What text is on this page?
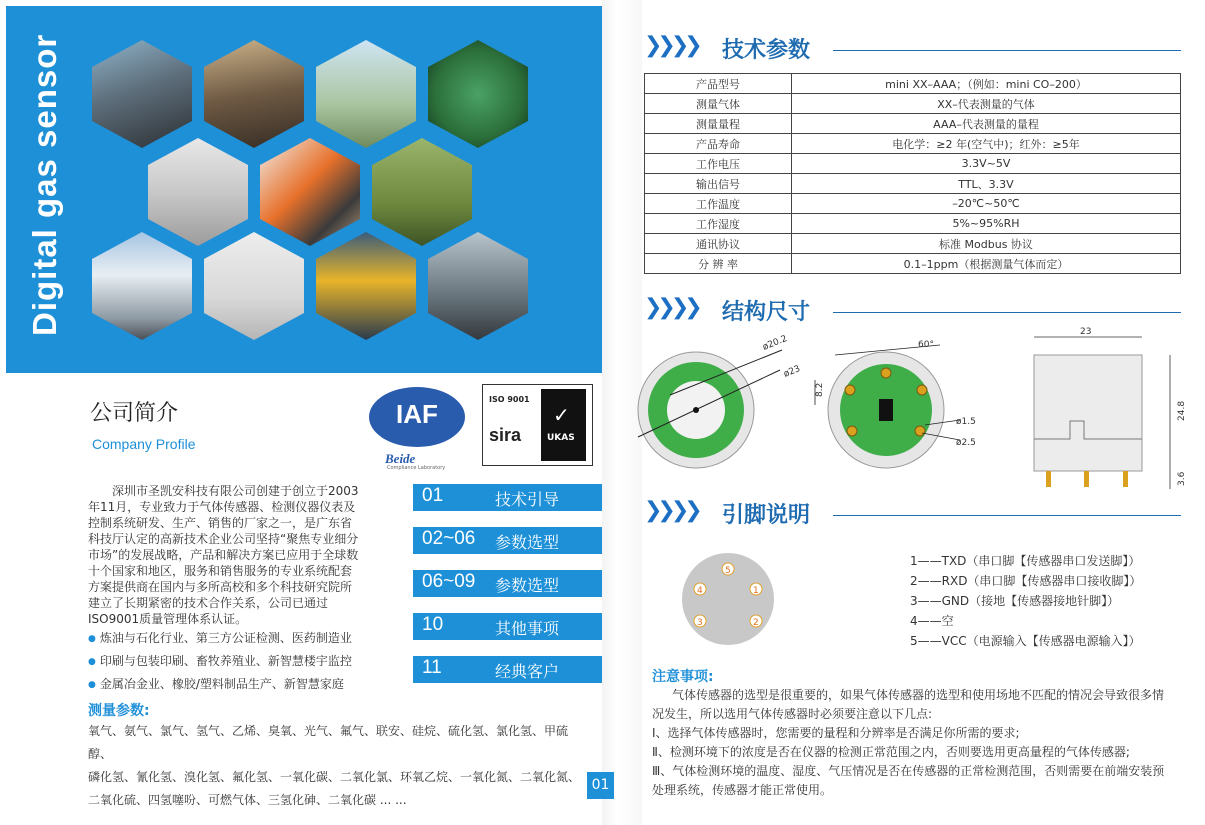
Digital gas sensor
公司简介
Company Profile
IAF
Beide
Compliance Laboratory
ISO 9001
sira
✓
UKAS
深圳市圣凯安科技有限公司创建于创立于2003年11月，专业致力于气体传感器、检测仪器仪表及控制系统研发、生产、销售的厂家之一，是广东省科技厅认定的高新技术企业公司坚持“聚焦专业细分市场”的发展战略，产品和解决方案已应用于全球数十个国家和地区，服务和销售服务的专业系统配套方案提供商在国内与多所高校和多个科技研究院所建立了长期紧密的技术合作关系，公司已通过ISO9001质量管理体系认证。
● 炼油与石化行业、第三方公证检测、医药制造业
● 印刷与包装印刷、畜牧养殖业、新智慧楼宇监控
● 金属冶金业、橡胶/塑料制品生产、新智慧家庭
测量参数:
氧气、氨气、氯气、氢气、乙烯、臭氧、光气、氟气、联安、硅烷、硫化氢、氯化氢、甲硫醇、
磷化氢、氰化氢、溴化氢、氟化氢、一氧化碳、二氧化氯、环氧乙烷、一氧化氮、二氧化氮、
二氧化硫、四氢噻吩、可燃气体、三氢化砷、二氧化碳 ... ...
01	技术引导
02~06 参数选型
06~09 参数选型
10	其他事项
11	经典客户
01
❯❯❯❯ 技术参数
产品型号	mini XX–AAA；（例如：mini CO–200）
测量气体	XX–代表测量的气体
测量量程	AAA–代表测量的量程
产品寿命	电化学：≥2 年(空气中)；红外：≥5年
工作电压	3.3V~5V
输出信号	TTL、3.3V
工作温度	–20℃~50℃
工作湿度	5%~95%RH
通讯协议	标准 Modbus 协议
分 辨 率	0.1–1ppm（根据测量气体而定）
❯❯❯❯ 结构尺寸
ø20.2
ø23
60°
8.2
ø1.5
ø2.5
23
24.8
3.6
❯❯❯❯ 引脚说明
5
4	1
3	2
1——TXD（串口脚【传感器串口发送脚】）
2——RXD（串口脚【传感器串口接收脚】）
3——GND（接地【传感器接地针脚】）
4——空
5——VCC（电源输入【传感器电源输入】）
注意事项:

气体传感器的选型是很重要的，如果气体传感器的选型和使用场地不匹配的情况会导致很多情况发生，所以选用气体传感器时必须要注意以下几点:

Ⅰ、选择气体传感器时，您需要的量程和分辨率是否满足你所需的要求;

Ⅱ、检测环境下的浓度是否在仪器的检测正常范围之内，否则要选用更高量程的气体传感器;

Ⅲ、气体检测环境的温度、湿度、气压情况是否在传感器的正常检测范围，否则需要在前端安装预处理系统，传感器才能正常使用。
